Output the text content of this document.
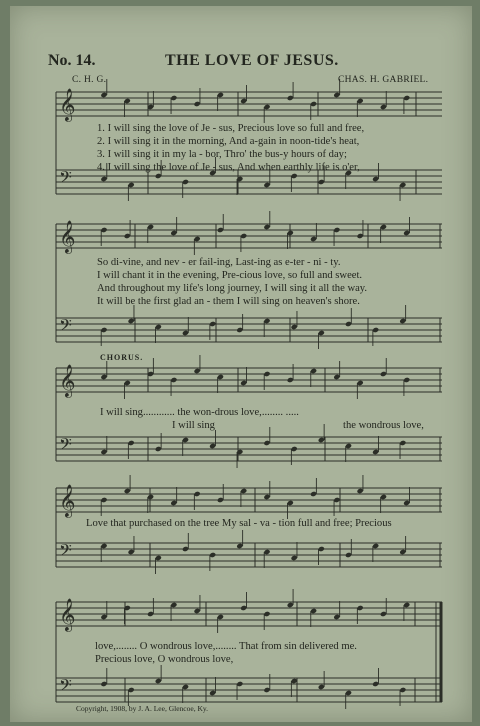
No. 14.	THE LOVE OF JESUS.
C. H. G.	CHAS. H. GABRIEL.
𝄞
𝄢
𝄞
𝄢
𝄞
𝄢
𝄞
𝄢
𝄞
𝄢
1. I will sing the love of Je - sus, Precious love so full and free,
2. I will sing it in the morning, And a-gain in noon-tide's heat,
3. I will sing it in my la - bor, Thro' the bus-y hours of day;
4. I will sing the love of Je - sus, And when earthly life is o'er,
So di-vine, and nev - er fail-ing, Last-ing as e-ter - ni - ty.
I will chant it in the evening, Pre-cious love, so full and sweet.
And throughout my life's long journey, I will sing it all the way.
It will be the first glad an - them I will sing on heaven's shore.
CHORUS.
I will sing............ the won-drous love,........ .....
I will sing	the wondrous love,
Love that purchased on the tree My sal - va - tion full and free; Precious
love,........ O wondrous love,........ That from sin delivered me.
Precious love, O wondrous love,
Copyright, 1908, by J. A. Lee, Glencoe, Ky.
